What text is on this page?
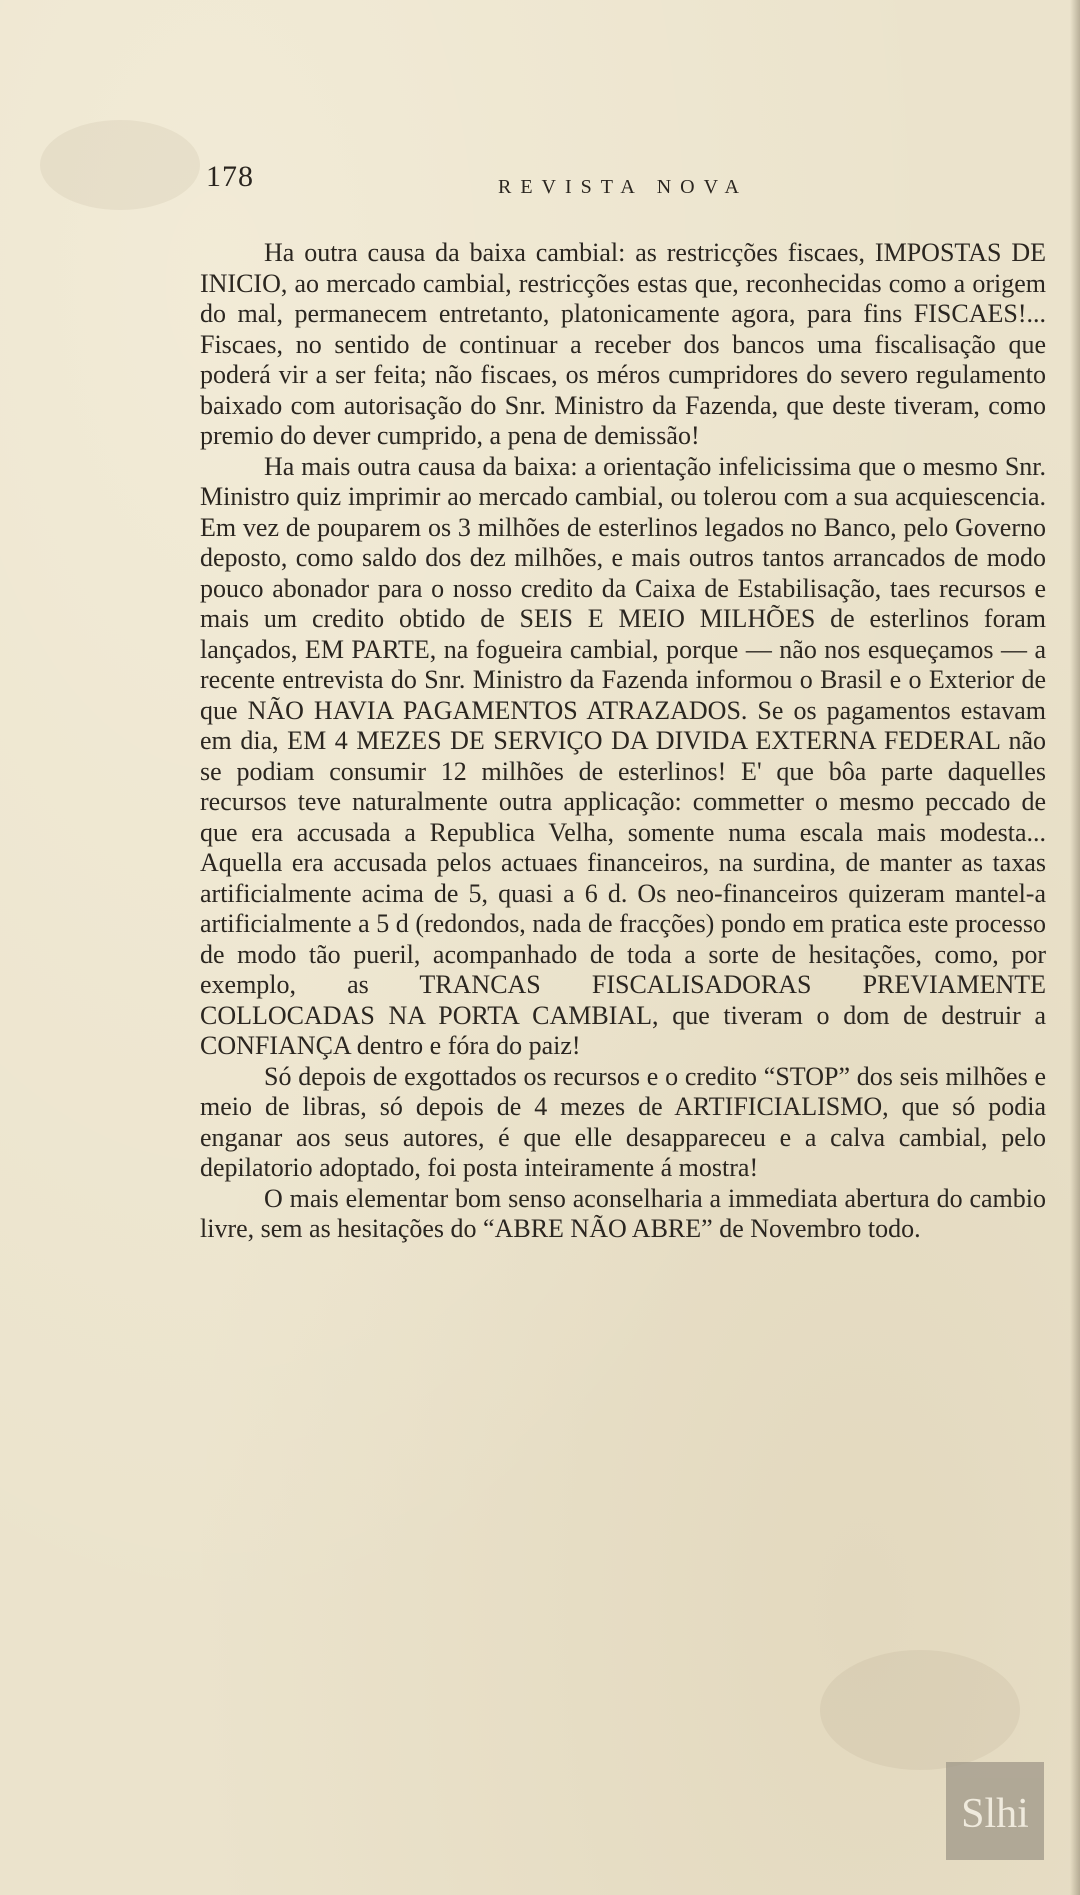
178	REVISTA NOVA

Ha outra causa da baixa cambial: as restricções fiscaes, IMPOSTAS DE INICIO, ao mercado cambial, restricções estas que, reconhecidas como a origem do mal, permanecem entretanto, platonicamente agora, para fins FISCAES!... Fiscaes, no sentido de continuar a receber dos bancos uma fiscalisação que poderá vir a ser feita; não fiscaes, os méros cumpridores do severo regulamento baixado com autorisação do Snr. Ministro da Fazenda, que deste tiveram, como premio do dever cumprido, a pena de demissão!

Ha mais outra causa da baixa: a orientação infelicissima que o mesmo Snr. Ministro quiz imprimir ao mercado cambial, ou tolerou com a sua acquiescencia. Em vez de pouparem os 3 milhões de esterlinos legados no Banco, pelo Governo deposto, como saldo dos dez milhões, e mais outros tantos arrancados de modo pouco abonador para o nosso credito da Caixa de Estabilisação, taes recursos e mais um credito obtido de SEIS E MEIO MILHÕES de esterlinos foram lançados, EM PARTE, na fogueira cambial, porque — não nos esqueçamos — a recente entrevista do Snr. Ministro da Fazenda informou o Brasil e o Exterior de que NÃO HAVIA PAGAMENTOS ATRAZADOS. Se os pagamentos estavam em dia, EM 4 MEZES DE SERVIÇO DA DIVIDA EXTERNA FEDERAL não se podiam consumir 12 milhões de esterlinos! E' que bôa parte daquelles recursos teve naturalmente outra applicação: commetter o mesmo peccado de que era accusada a Republica Velha, somente numa escala mais modesta... Aquella era accusada pelos actuaes financeiros, na surdina, de manter as taxas artificialmente acima de 5, quasi a 6 d. Os neo-financeiros quizeram mantel-a artificialmente a 5 d (redondos, nada de fracções) pondo em pratica este processo de modo tão pueril, acompanhado de toda a sorte de hesitações, como, por exemplo, as TRANCAS FISCALISADORAS PREVIAMENTE COLLOCADAS NA PORTA CAMBIAL, que tiveram o dom de destruir a CONFIANÇA dentro e fóra do paiz!

Só depois de exgottados os recursos e o credito “STOP” dos seis milhões e meio de libras, só depois de 4 mezes de ARTIFICIALISMO, que só podia enganar aos seus autores, é que elle desappareceu e a calva cambial, pelo depilatorio adoptado, foi posta inteiramente á mostra!

O mais elementar bom senso aconselharia a immediata abertura do cambio livre, sem as hesitações do “ABRE NÃO ABRE” de Novembro todo.

Slhi
